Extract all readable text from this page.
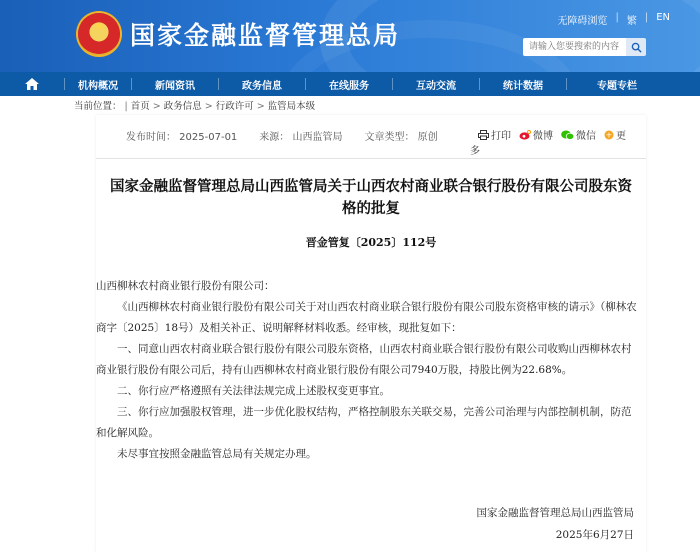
★	国家金融监督管理总局	无障碍浏览 | 繁 | EN
请输入您要搜索的内容
机构概况	新闻资讯	政务信息	在线服务	互动交流	统计数据	专题专栏
当前位置： | 首页 > 政务信息 > 行政许可 > 监管局本级
发布时间： 2025-07-01 来源： 山西监管局 文章类型： 原创	打印 微博 微信 + 更
多
国家金融监督管理总局山西监管局关于山西农村商业联合银行股份有限公司股东资格的批复
晋金管复〔2025〕112号

山西柳林农村商业银行股份有限公司：

《山西柳林农村商业银行股份有限公司关于对山西农村商业联合银行股份有限公司股东资格审核的请示》（柳林农商字〔2025〕18号）及相关补正、说明解释材料收悉。经审核，现批复如下：

一、同意山西农村商业联合银行股份有限公司股东资格，山西农村商业联合银行股份有限公司收购山西柳林农村商业银行股份有限公司后，持有山西柳林农村商业银行股份有限公司7940万股，持股比例为22.68%。

二、你行应严格遵照有关法律法规完成上述股权变更事宜。

三、你行应加强股权管理，进一步优化股权结构，严格控制股东关联交易，完善公司治理与内部控制机制，防范和化解风险。

未尽事宜按照金融监管总局有关规定办理。

国家金融监督管理总局山西监管局
2025年6月27日
